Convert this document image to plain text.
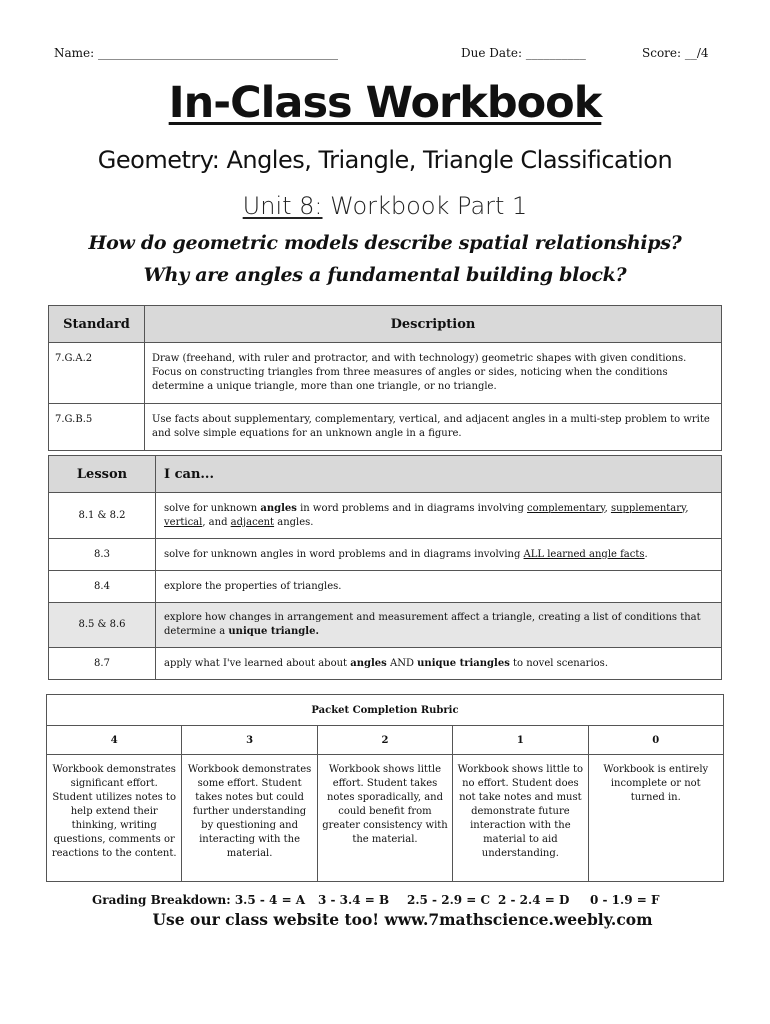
Name: ________________________________________	Due Date: __________	Score: __/4
In-Class Workbook
Geometry: Angles, Triangle, Triangle Classification
Unit 8: Workbook Part 1
How do geometric models describe spatial relationships?
Why are angles a fundamental building block?
Standard	Description
7.G.A.2	Draw (freehand, with ruler and protractor, and with technology) geometric shapes with given conditions. Focus on constructing triangles from three measures of angles or sides, noticing when the conditions determine a unique triangle, more than one triangle, or no triangle.
7.G.B.5	Use facts about supplementary, complementary, vertical, and adjacent angles in a multi-step problem to write and solve simple equations for an unknown angle in a figure.
Lesson	I can...
8.1 & 8.2	solve for unknown angles in word problems and in diagrams involving complementary, supplementary, vertical, and adjacent angles.
8.3	solve for unknown angles in word problems and in diagrams involving ALL learned angle facts.
8.4	explore the properties of triangles.
8.5 & 8.6	explore how changes in arrangement and measurement affect a triangle, creating a list of conditions that determine a unique triangle.
8.7	apply what I've learned about about angles AND unique triangles to novel scenarios.
Packet Completion Rubric				
4	3	2	1	0
Workbook demonstrates significant effort. Student utilizes notes to help extend their thinking, writing questions, comments or reactions to the content.	Workbook demonstrates some effort. Student takes notes but could further understanding by questioning and interacting with the material.	Workbook shows little effort. Student takes notes sporadically, and could benefit from greater consistency with the material.	Workbook shows little to no effort. Student does not take notes and must demonstrate future interaction with the material to aid understanding.	Workbook is entirely incomplete or not turned in.
Grading Breakdown: 3.5 - 4 = A 3 - 3.4 = B 2.5 - 2.9 = C 2 - 2.4 = D 0 - 1.9 = F
Use our class website too! www.7mathscience.weebly.com
